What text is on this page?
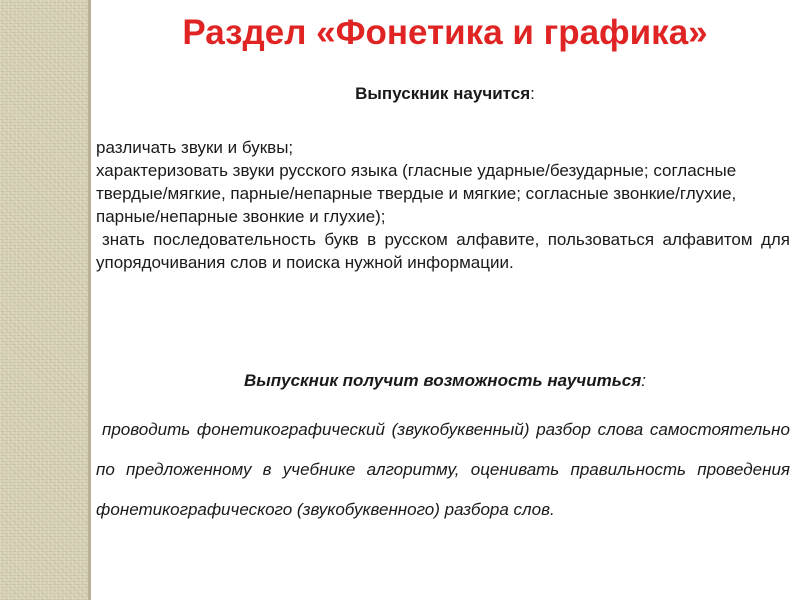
Раздел «Фонетика и графика»
Выпускник научится:
различать звуки и буквы;
характеризовать звуки русского языка (гласные ударные/безударные; согласные твердые/мягкие, парные/непарные твердые и мягкие; согласные звонкие/глухие, парные/непарные звонкие и глухие);
знать последовательность букв в русском алфавите, пользоваться алфавитом для упорядочивания слов и поиска нужной информации.
Выпускник получит возможность научиться:
проводить фонетикографический (звукобуквенный) разбор слова самостоятельно по предложенному в учебнике алгоритму, оценивать правильность проведения фонетикографического (звукобуквенного) разбора слов.
